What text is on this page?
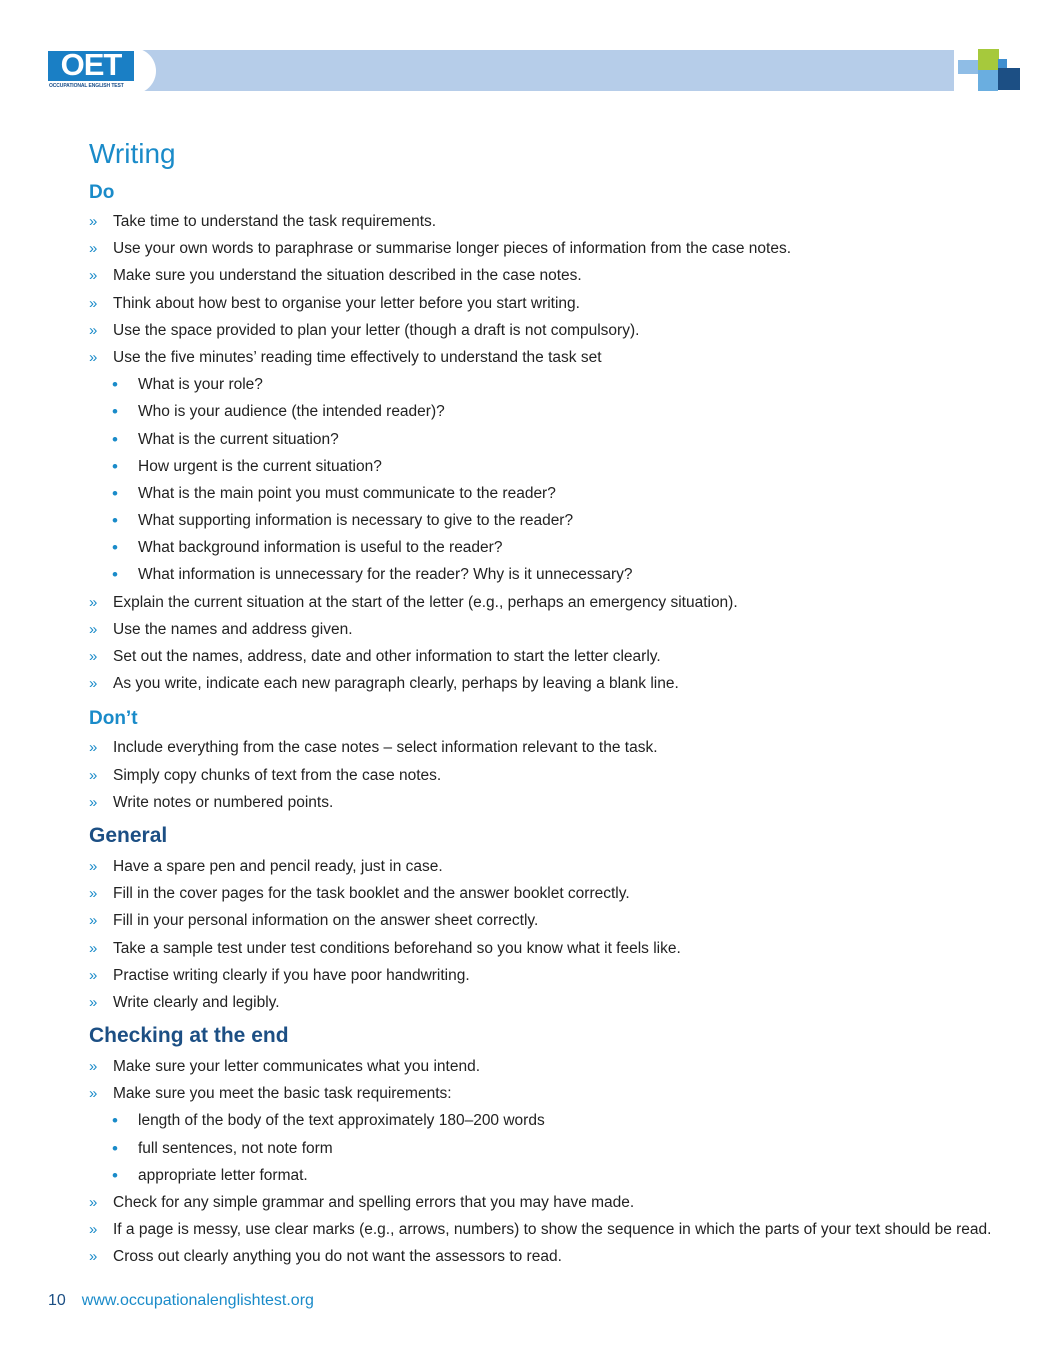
OET
OCCUPATIONAL ENGLISH TEST
Writing
Do
» Take time to understand the task requirements.
» Use your own words to paraphrase or summarise longer pieces of information from the case notes.
» Make sure you understand the situation described in the case notes.
» Think about how best to organise your letter before you start writing.
» Use the space provided to plan your letter (though a draft is not compulsory).
» Use the five minutes’ reading time effectively to understand the task set
• What is your role?
• Who is your audience (the intended reader)?
• What is the current situation?
• How urgent is the current situation?
• What is the main point you must communicate to the reader?
• What supporting information is necessary to give to the reader?
• What background information is useful to the reader?
• What information is unnecessary for the reader? Why is it unnecessary?
» Explain the current situation at the start of the letter (e.g., perhaps an emergency situation).
» Use the names and address given.
» Set out the names, address, date and other information to start the letter clearly.
» As you write, indicate each new paragraph clearly, perhaps by leaving a blank line.
Don’t
» Include everything from the case notes – select information relevant to the task.
» Simply copy chunks of text from the case notes.
» Write notes or numbered points.
General
» Have a spare pen and pencil ready, just in case.
» Fill in the cover pages for the task booklet and the answer booklet correctly.
» Fill in your personal information on the answer sheet correctly.
» Take a sample test under test conditions beforehand so you know what it feels like.
» Practise writing clearly if you have poor handwriting.
» Write clearly and legibly.
Checking at the end
» Make sure your letter communicates what you intend.
» Make sure you meet the basic task requirements:
• length of the body of the text approximately 180–200 words
• full sentences, not note form
• appropriate letter format.
» Check for any simple grammar and spelling errors that you may have made.
» If a page is messy, use clear marks (e.g., arrows, numbers) to show the sequence in which the parts of your text should be read.
» Cross out clearly anything you do not want the assessors to read.
10 www.occupationalenglishtest.org
